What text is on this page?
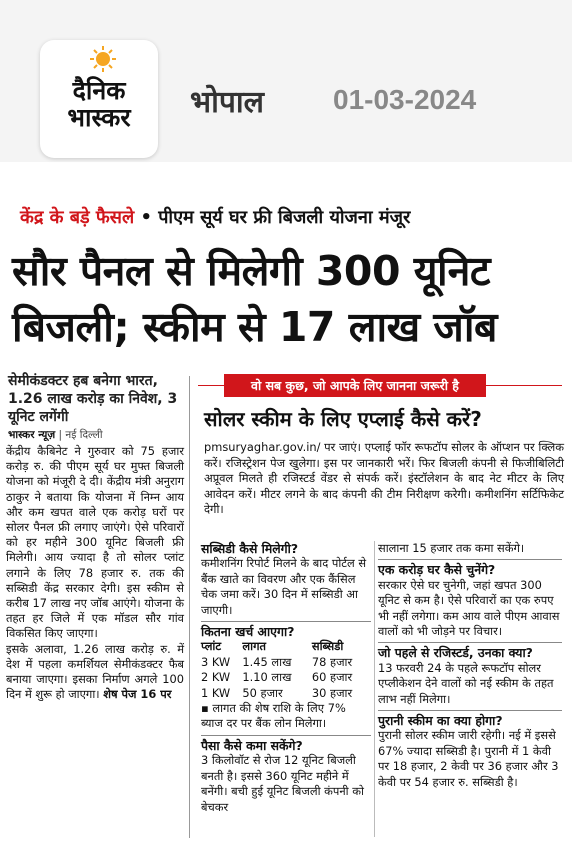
दैनिक
भास्कर भोपाल 01-03-2024
केंद्र के बड़े फैसले • पीएम सूर्य घर फ्री बिजली योजना मंजूर
सौर पैनल से मिलेगी 300 यूनिट बिजली; स्कीम से 17 लाख जॉब
सेमीकंडक्टर हब बनेगा भारत, 1.26 लाख करोड़ का निवेश, 3 यूनिट लगेंगी
भास्कर न्यूज़ | नई दिल्ली

केंद्रीय कैबिनेट ने गुरुवार को 75 हजार करोड़ रु. की पीएम सूर्य घर मुफ्त बिजली योजना को मंजूरी दे दी। केंद्रीय मंत्री अनुराग ठाकुर ने बताया कि योजना में निम्न आय और कम खपत वाले एक करोड़ घरों पर सोलर पैनल फ्री लगाए जाएंगे। ऐसे परिवारों को हर महीने 300 यूनिट बिजली फ्री मिलेगी। आय ज्यादा है तो सोलर प्लांट लगाने के लिए 78 हजार रु. तक की सब्सिडी केंद्र सरकार देगी। इस स्कीम से करीब 17 लाख नए जॉब आएंगे। योजना के तहत हर जिले में एक मॉडल सौर गांव विकसित किए जाएगा।

इसके अलावा, 1.26 लाख करोड़ रु. में देश में पहला कमर्शियल सेमीकंडक्टर फैब बनाया जाएगा। इसका निर्माण अगले 100 दिन में शुरू हो जाएगा। शेष पेज 16 पर

वो सब कुछ, जो आपके लिए जानना जरूरी है
सोलर स्कीम के लिए एप्लाई कैसे करें?
pmsuryaghar.gov.in/ पर जाएं। एप्लाई फॉर रूफटॉप सोलर के ऑप्शन पर क्लिक करें। रजिस्ट्रेशन पेज खुलेगा। इस पर जानकारी भरें। फिर बिजली कंपनी से फिजीबिलिटी अप्रूवल मिलते ही रजिस्टर्ड वेंडर से संपर्क करें। इंस्टॉलेशन के बाद नेट मीटर के लिए आवेदन करें। मीटर लगने के बाद कंपनी की टीम निरीक्षण करेगी। कमीशनिंग सर्टिफिकेट देगी।
सब्सिडी कैसे मिलेगी?
कमीशनिंग रिपोर्ट मिलने के बाद पोर्टल से बैंक खाते का विवरण और एक कैंसिल चेक जमा करें। 30 दिन में सब्सिडी आ जाएगी।
कितना खर्च आएगा?
प्लांट	लागत	सब्सिडी
3 KW	1.45 लाख	78 हजार
2 KW	1.10 लाख	60 हजार
1 KW	50 हजार	30 हजार
▪ लागत की शेष राशि के लिए 7% ब्याज दर पर बैंक लोन मिलेगा।
पैसा कैसे कमा सकेंगे?
3 किलोवॉट से रोज 12 यूनिट बिजली बनती है। इससे 360 यूनिट महीने में बनेंगी। बची हुई यूनिट बिजली कंपनी को बेचकर
सालाना 15 हजार तक कमा सकेंगे।
एक करोड़ घर कैसे चुनेंगे?
सरकार ऐसे घर चुनेगी, जहां खपत 300 यूनिट से कम है। ऐसे परिवारों का एक रुपए भी नहीं लगेगा। कम आय वाले पीएम आवास वालों को भी जोड़ने पर विचार।
जो पहले से रजिस्टर्ड, उनका क्या?
13 फरवरी 24 के पहले रूफटॉप सोलर एप्लीकेशन देने वालों को नई स्कीम के तहत लाभ नहीं मिलेगा।
पुरानी स्कीम का क्या होगा?
पुरानी सोलर स्कीम जारी रहेगी। नई में इससे 67% ज्यादा सब्सिडी है। पुरानी में 1 केवी पर 18 हजार, 2 केवी पर 36 हजार और 3 केवी पर 54 हजार रु. सब्सिडी है।
